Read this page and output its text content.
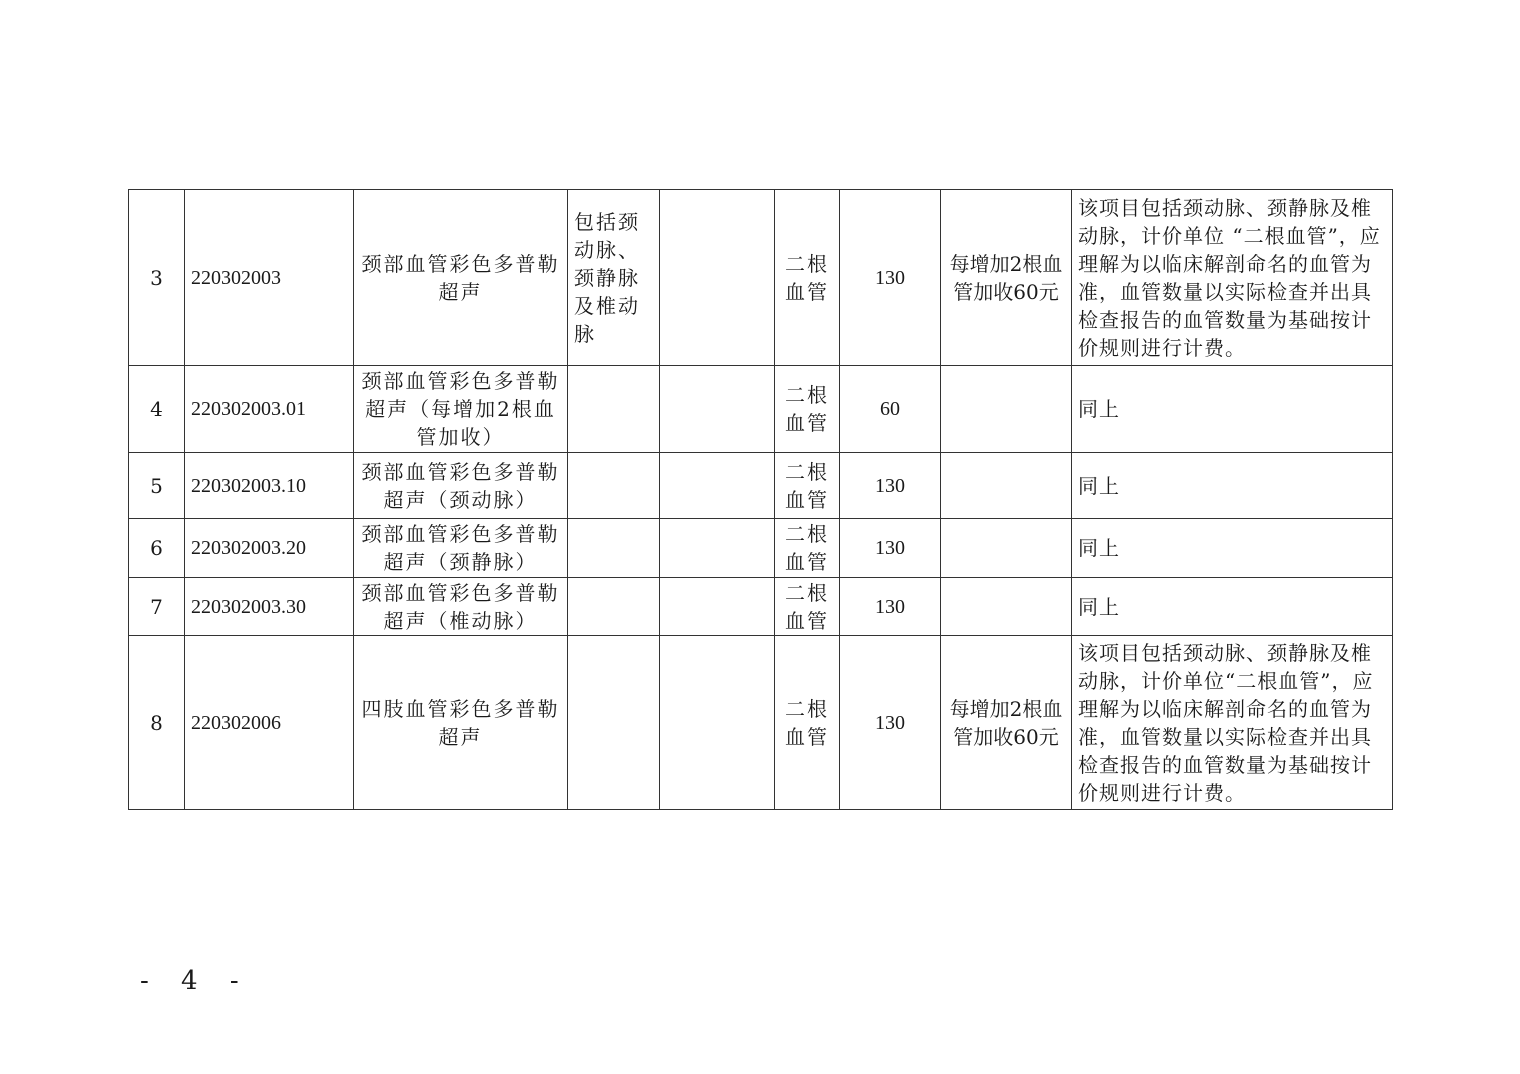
3	220302003	颈部血管彩色多普勒超声	包括颈动脉、颈静脉及椎动脉		二根血管	130	每增加2根血管加收60元	该项目包括颈动脉、颈静脉及椎动脉，计价单位 “二根血管”，应理解为以临床解剖命名的血管为准，血管数量以实际检查并出具检查报告的血管数量为基础按计价规则进行计费。
4	220302003.01	颈部血管彩色多普勒超声（每增加2根血管加收）			二根血管	60		同上
5	220302003.10	颈部血管彩色多普勒超声（颈动脉）			二根血管	130		同上
6	220302003.20	颈部血管彩色多普勒超声（颈静脉）			二根血管	130		同上
7	220302003.30	颈部血管彩色多普勒超声（椎动脉）			二根血管	130		同上
8	220302006	四肢血管彩色多普勒超声			二根血管	130	每增加2根血管加收60元	该项目包括颈动脉、颈静脉及椎动脉，计价单位“二根血管”，应理解为以临床解剖命名的血管为准，血管数量以实际检查并出具检查报告的血管数量为基础按计价规则进行计费。
- 4 -
